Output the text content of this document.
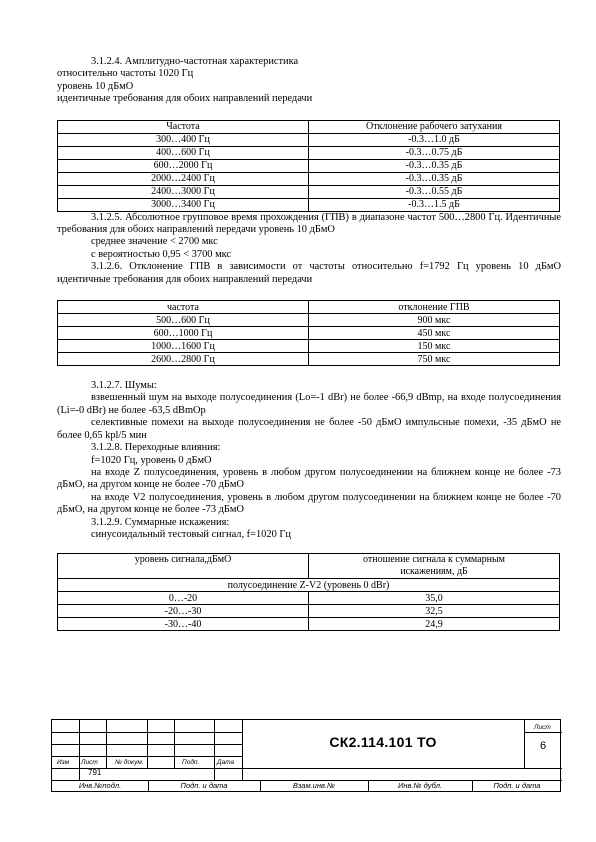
3.1.2.4. Амплитудно-частотная характеристика

относительно частоты 1020 Гц

уровень 10 дБмО

идентичные требования для обоих направлений передачи

Частота	Отклонение рабочего затухания
300…400 Гц	-0.3…1.0 дБ
400…600 Гц	-0.3…0.75 дБ
600…2000 Гц	-0.3…0.35 дБ
2000…2400 Гц	-0.3…0.35 дБ
2400…3000 Гц	-0.3…0.55 дБ
3000…3400 Гц	-0.3…1.5 дБ

3.1.2.5. Абсолютное групповое время прохождения (ГПВ) в диапазоне частот 500…2800 Гц. Идентичные требования для обоих направлений передачи уровень 10 дБмО

среднее значение < 2700 мкс

с вероятностью 0,95 < 3700 мкс

3.1.2.6. Отклонение ГПВ в зависимости от частоты относительно f=1792 Гц уровень 10 дБмО идентичные требования для обоих направлений передачи

частота	отклонение ГПВ
500…600 Гц	900 мкс
600…1000 Гц	450 мкс
1000…1600 Гц	150 мкс
2600…2800 Гц	750 мкс

3.1.2.7. Шумы:

взвешенный шум на выходе полусоединения (Lo=-1 dBr) не более -66,9 dBmp, на входе полусоединения (Li=-0 dBr) не более -63,5 dBmOp

селективные помехи на выходе полусоединения не более -50 дБмО импульсные помехи, -35 дБмО не более 0,65 kpl/5 мин

3.1.2.8. Переходные влияния:

f=1020 Гц, уровень 0 дБмО

на входе Z полусоединения, уровень в любом другом полусоединении на ближнем конце не более -73 дБмО, на другом конце не более -70 дБмО

на входе V2 полусоединения, уровень в любом другом полусоединении на ближнем конце не более -70 дБмО, на другом конце не более -73 дБмО

3.1.2.9. Суммарные искажения:

синусоидальный тестовый сигнал, f=1020 Гц

уровень сигнала,дБмО	отношение сигнала к суммарным
искажениям, дБ

полусоединение Z-V2 (уровень 0 dBr)	
0…-20	35,0
-20…-30	32,5
-30…-40	24,9
Изм Лист	№ докум.	Подп.	Дата
СК2.114.101 ТО
Лист
6
791
Инв.№подл.	Подп. и дата	Взам.инв.№	Инв.№ дубл.	Подп. и дата
